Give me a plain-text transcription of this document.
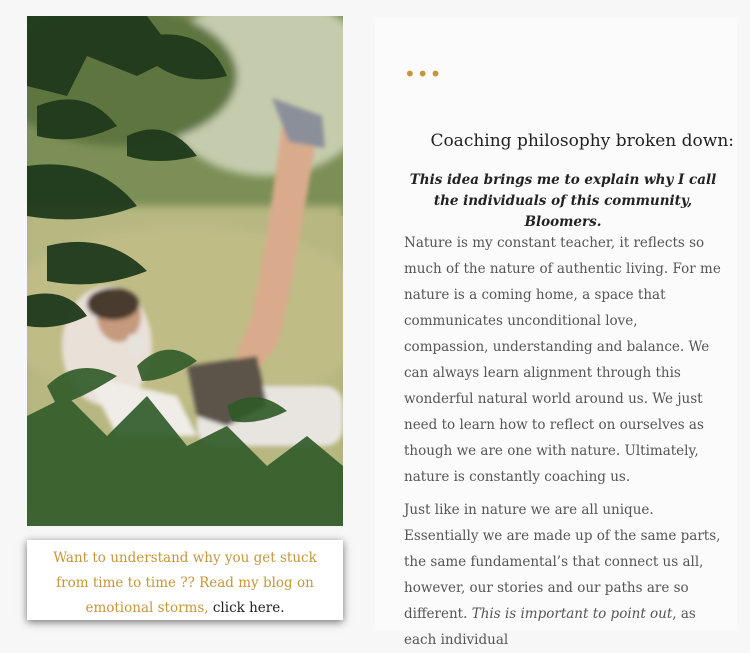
Want to understand why you get stuck from time to time ?? Read my blog on emotional storms, click here.
•••
Coaching philosophy broken down:
This idea brings me to explain why I call the individuals of this community, Bloomers.
Nature is my constant teacher, it reflects so much of the nature of authentic living. For me nature is a coming home, a space that communicates unconditional love, compassion, understanding and balance. We can always learn alignment through this wonderful natural world around us. We just need to learn how to reflect on ourselves as though we are one with nature. Ultimately, nature is constantly coaching us.
Just like in nature we are all unique. Essentially we are made up of the same parts, the same fundamental’s that connect us all, however, our stories and our paths are so different. This is important to point out, as each individual
